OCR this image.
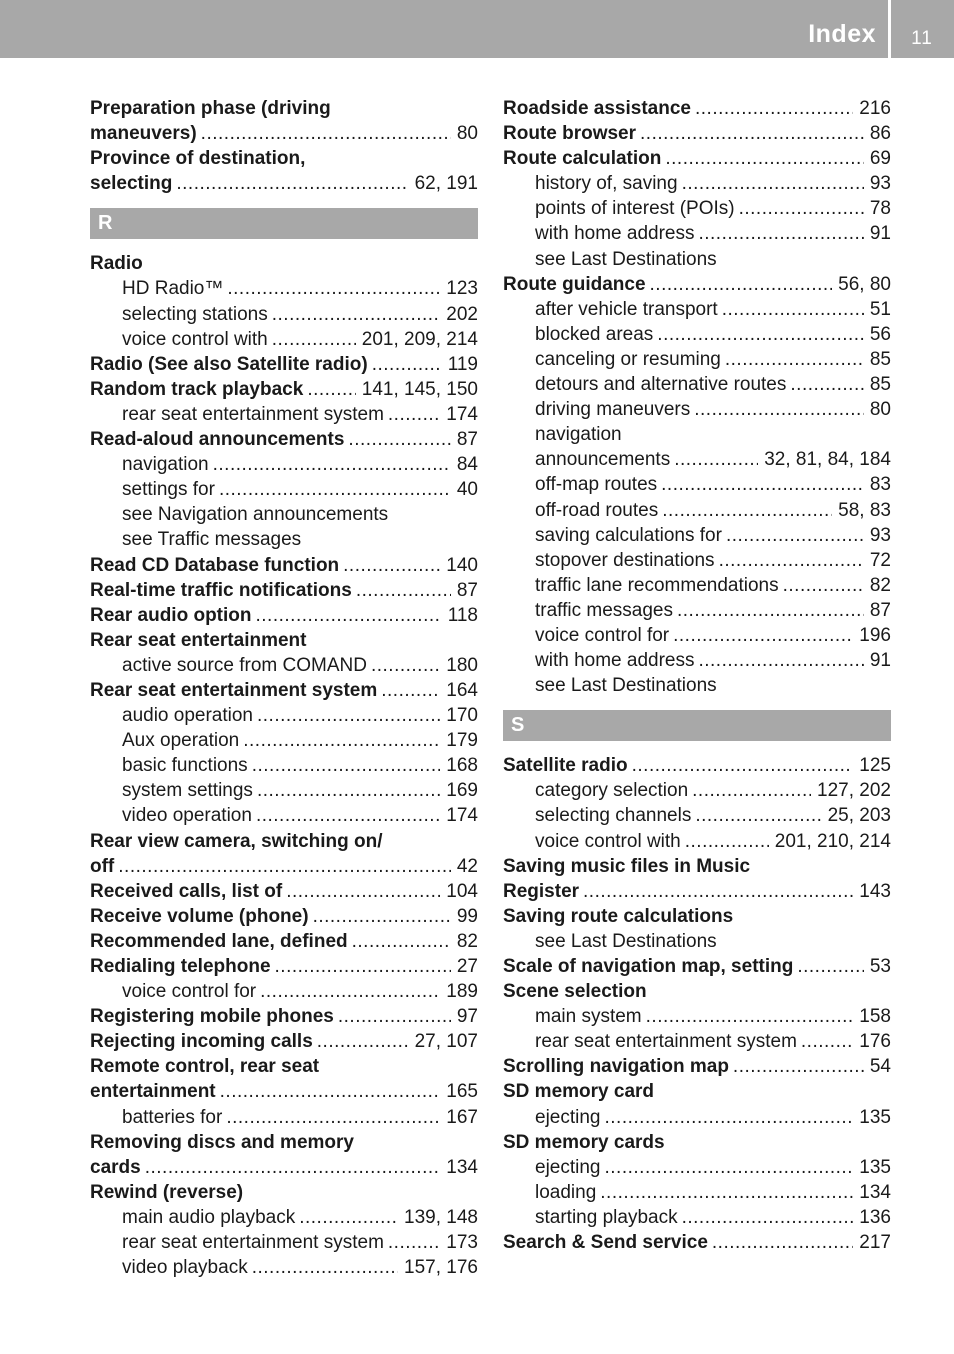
Index	11
Preparation phase (driving
maneuvers) .....	80
Province of destination,
selecting .....	62, 191
R
Radio
HD Radio™ .....	123
selecting stations .....	202
voice control with .....	201, 209, 214
Radio (See also Satellite radio) .....	119
Random track playback .....	141, 145, 150
rear seat entertainment system .....	174
Read-aloud announcements .....	87
navigation .....	84
settings for .....	40
see Navigation announcements
see Traffic messages
Read CD Database function .....	140
Real-time traffic notifications .....	87
Rear audio option .....	118
Rear seat entertainment
active source from COMAND .....	180
Rear seat entertainment system .....	164
audio operation .....	170
Aux operation .....	179
basic functions .....	168
system settings .....	169
video operation .....	174
Rear view camera, switching on/
off .....	42
Received calls, list of .....	104
Receive volume (phone) .....	99
Recommended lane, defined .....	82
Redialing telephone .....	27
voice control for .....	189
Registering mobile phones .....	97
Rejecting incoming calls .....	27, 107
Remote control, rear seat
entertainment .....	165
batteries for .....	167
Removing discs and memory
cards .....	134
Rewind (reverse)
main audio playback .....	139, 148
rear seat entertainment system .....	173
video playback .....	157, 176
Roadside assistance .....	216
Route browser .....	86
Route calculation .....	69
history of, saving .....	93
points of interest (POIs) .....	78
with home address .....	91
see Last Destinations
Route guidance .....	56, 80
after vehicle transport .....	51
blocked areas .....	56
canceling or resuming .....	85
detours and alternative routes .....	85
driving maneuvers .....	80
navigation
announcements .....	32, 81, 84, 184
off-map routes .....	83
off-road routes .....	58, 83
saving calculations for .....	93
stopover destinations .....	72
traffic lane recommendations .....	82
traffic messages .....	87
voice control for .....	196
with home address .....	91
see Last Destinations
S
Satellite radio .....	125
category selection .....	127, 202
selecting channels .....	25, 203
voice control with .....	201, 210, 214
Saving music files in Music
Register .....	143
Saving route calculations
see Last Destinations
Scale of navigation map, setting .....	53
Scene selection
main system .....	158
rear seat entertainment system .....	176
Scrolling navigation map .....	54
SD memory card
ejecting .....	135
SD memory cards
ejecting .....	135
loading .....	134
starting playback .....	136
Search & Send service .....	217
